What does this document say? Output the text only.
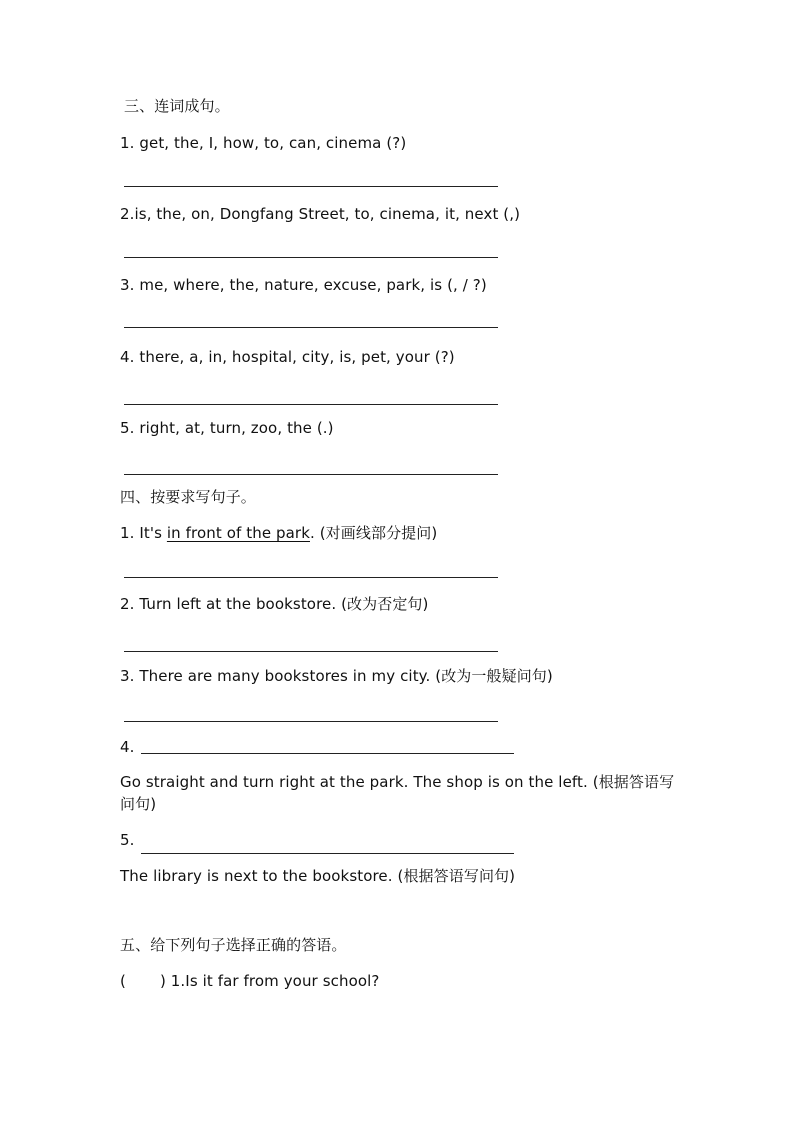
三、连词成句。
1. get, the, I, how, to, can, cinema (?)
2.is, the, on, Dongfang Street, to, cinema, it, next (,)
3. me, where, the, nature, excuse, park, is (, / ?)
4. there, a, in, hospital, city, is, pet, your (?)
5. right, at, turn, zoo, the (.)
四、按要求写句子。
1. It's in front of the park. (对画线部分提问)
2. Turn left at the bookstore. (改为否定句)
3. There are many bookstores in my city. (改为一般疑问句)
4.
Go straight and turn right at the park. The shop is on the left. (根据答语写问句)
5.
The library is next to the bookstore. (根据答语写问句)
五、给下列句子选择正确的答语。
( ) 1.Is it far from your school?
